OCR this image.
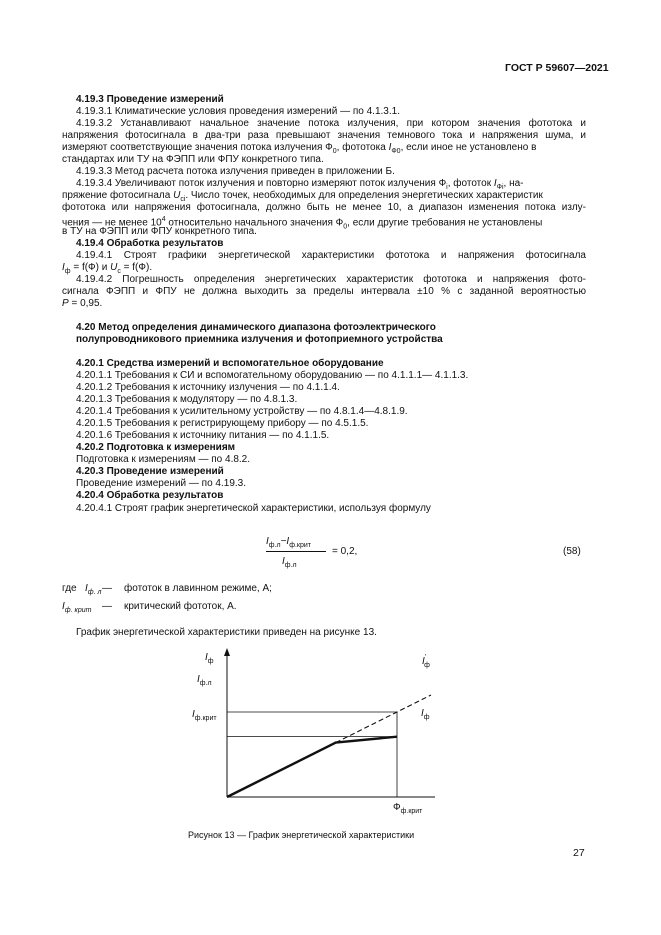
ГОСТ Р 59607—2021
4.19.3 Проведение измерений
4.19.3.1 Климатические условия проведения измерений — по 4.1.3.1.
4.19.3.2 Устанавливают начальное значение потока излучения, при котором значения фототока и
напряжения фотосигнала в два-три раза превышают значения темнового тока и напряжения шума, и
измеряют соответствующие значения потока излучения $Ф_0$, фототока $I_{Ф0}$, если иное не установлено в
стандартах или ТУ на ФЭПП или ФПУ конкретного типа.
4.19.3.3 Метод расчета потока излучения приведен в приложении Б.
4.19.3.4 Увеличивают поток излучения и повторно измеряют поток излучения $Ф_i$, фототок $I_{Фi}$, на-
пряжение фотосигнала $U_{ci}$. Число точек, необходимых для определения энергетических характеристик
фототока или напряжения фотосигнала, должно быть не менее 10, а диапазон изменения потока излу-
чения — не менее $10^4$ относительно начального значения $Ф_0$, если другие требования не установлены
в ТУ на ФЭПП или ФПУ конкретного типа.
4.19.4 Обработка результатов
4.19.4.1 Строят графики энергетической характеристики фототока и напряжения фотосигнала
$I_ф = f(Ф)$ и $U_c = f(Ф)$.
4.19.4.2 Погрешность определения энергетических характеристик фототока и напряжения фото-
сигнала ФЭПП и ФПУ не должна выходить за пределы интервала ±10 % с заданной вероятностью
P = 0,95.
4.20 Метод определения динамического диапазона фотоэлектрического
полупроводникового приемника излучения и фотоприемного устройства
4.20.1 Средства измерений и вспомогательное оборудование
4.20.1.1 Требования к СИ и вспомогательному оборудованию — по 4.1.1.1— 4.1.1.3.
4.20.1.2 Требования к источнику излучения — по 4.1.1.4.
4.20.1.3 Требования к модулятору — по 4.8.1.3.
4.20.1.4 Требования к усилительному устройству — по 4.8.1.4—4.8.1.9.
4.20.1.5 Требования к регистрирующему прибору — по 4.5.1.5.
4.20.1.6 Требования к источнику питания — по 4.1.1.5.
4.20.2 Подготовка к измерениям
Подготовка к измерениям — по 4.8.2.
4.20.3 Проведение измерений
Проведение измерений — по 4.19.3.
4.20.4 Обработка результатов
4.20.4.1 Строят график энергетической характеристики, используя формулу
$I_{ф.л}-I_{ф.крит}$
$I_{ф.л}$
= 0,2,	(58)
где $I_{ф. л}$ — фототок в лавинном режиме, А;
$I_{ф. крит}$ — критический фототок, А.
График энергетической характеристики приведен на рисунке 13.
$I_ф$
$I_{ф.л}$
$I_{ф.крит}$
$Ф_{ф.крит}$
$I_ф$
I' ф
Рисунок 13 — График энергетической характеристики
27
